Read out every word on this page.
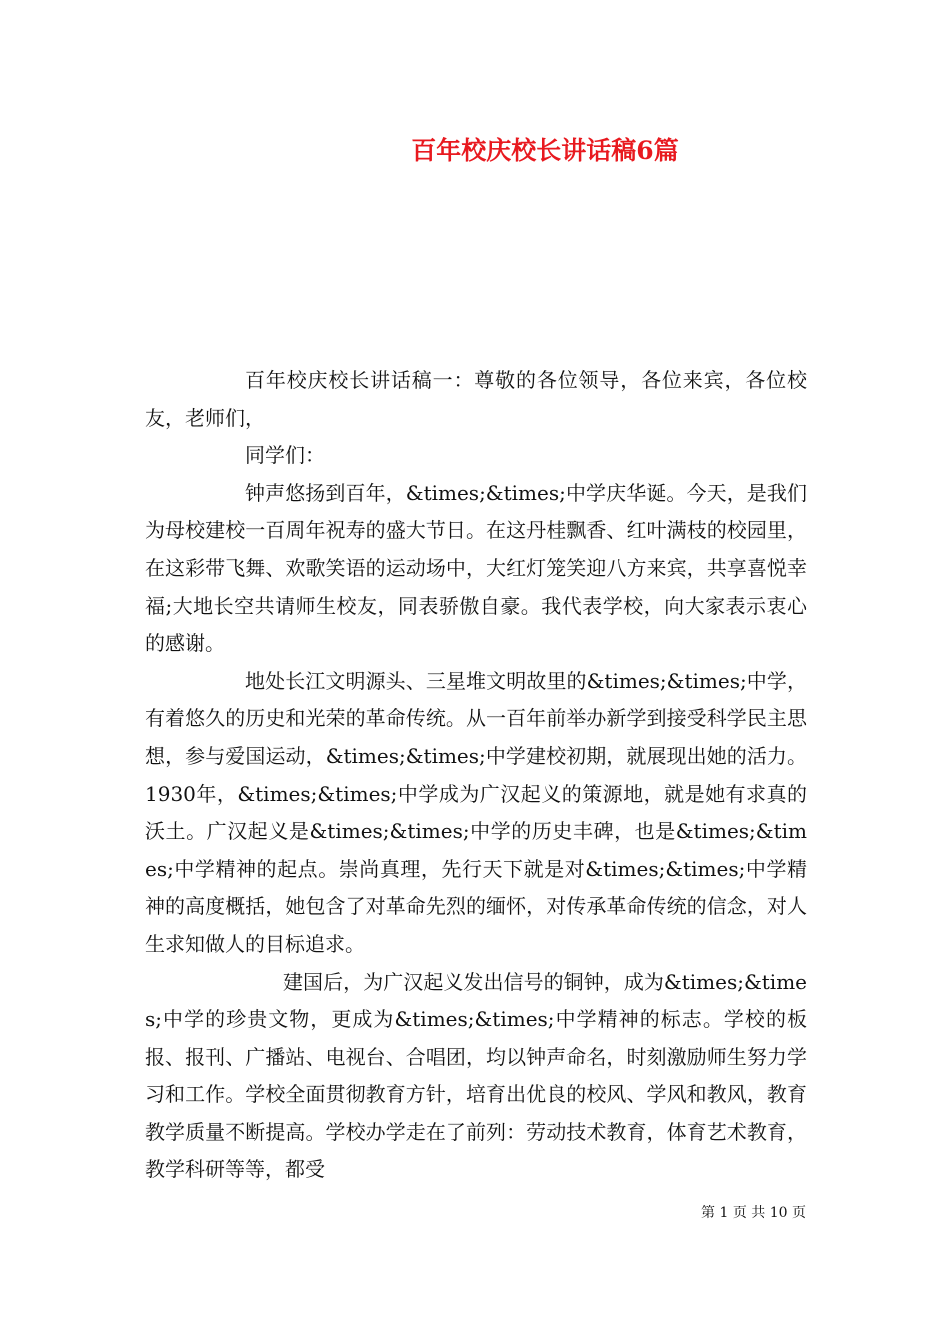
百年校庆校长讲话稿6篇

百年校庆校长讲话稿一：尊敬的各位领导，各位来宾，各位校友，老师们，

同学们：

钟声悠扬到百年，&times;&times;中学庆华诞。今天，是我们为母校建校一百周年祝寿的盛大节日。在这丹桂飘香、红叶满枝的校园里，在这彩带飞舞、欢歌笑语的运动场中，大红灯笼笑迎八方来宾，共享喜悦幸福;大地长空共请师生校友，同表骄傲自豪。我代表学校，向大家表示衷心的感谢。

地处长江文明源头、三星堆文明故里的&times;&times;中学，有着悠久的历史和光荣的革命传统。从一百年前举办新学到接受科学民主思想，参与爱国运动，&times;&times;中学建校初期，就展现出她的活力。1930年，&times;&times;中学成为广汉起义的策源地，就是她有求真的沃土。广汉起义是&times;&times;中学的历史丰碑，也是&times;&times;中学精神的起点。崇尚真理，先行天下就是对&times;&times;中学精神的高度概括，她包含了对革命先烈的缅怀，对传承革命传统的信念，对人生求知做人的目标追求。

建国后，为广汉起义发出信号的铜钟，成为&times;&times;中学的珍贵文物，更成为&times;&times;中学精神的标志。学校的板报、报刊、广播站、电视台、合唱团，均以钟声命名，时刻激励师生努力学习和工作。学校全面贯彻教育方针，培育出优良的校风、学风和教风，教育教学质量不断提高。学校办学走在了前列：劳动技术教育，体育艺术教育，教学科研等等，都受

第 1 页 共 10 页
